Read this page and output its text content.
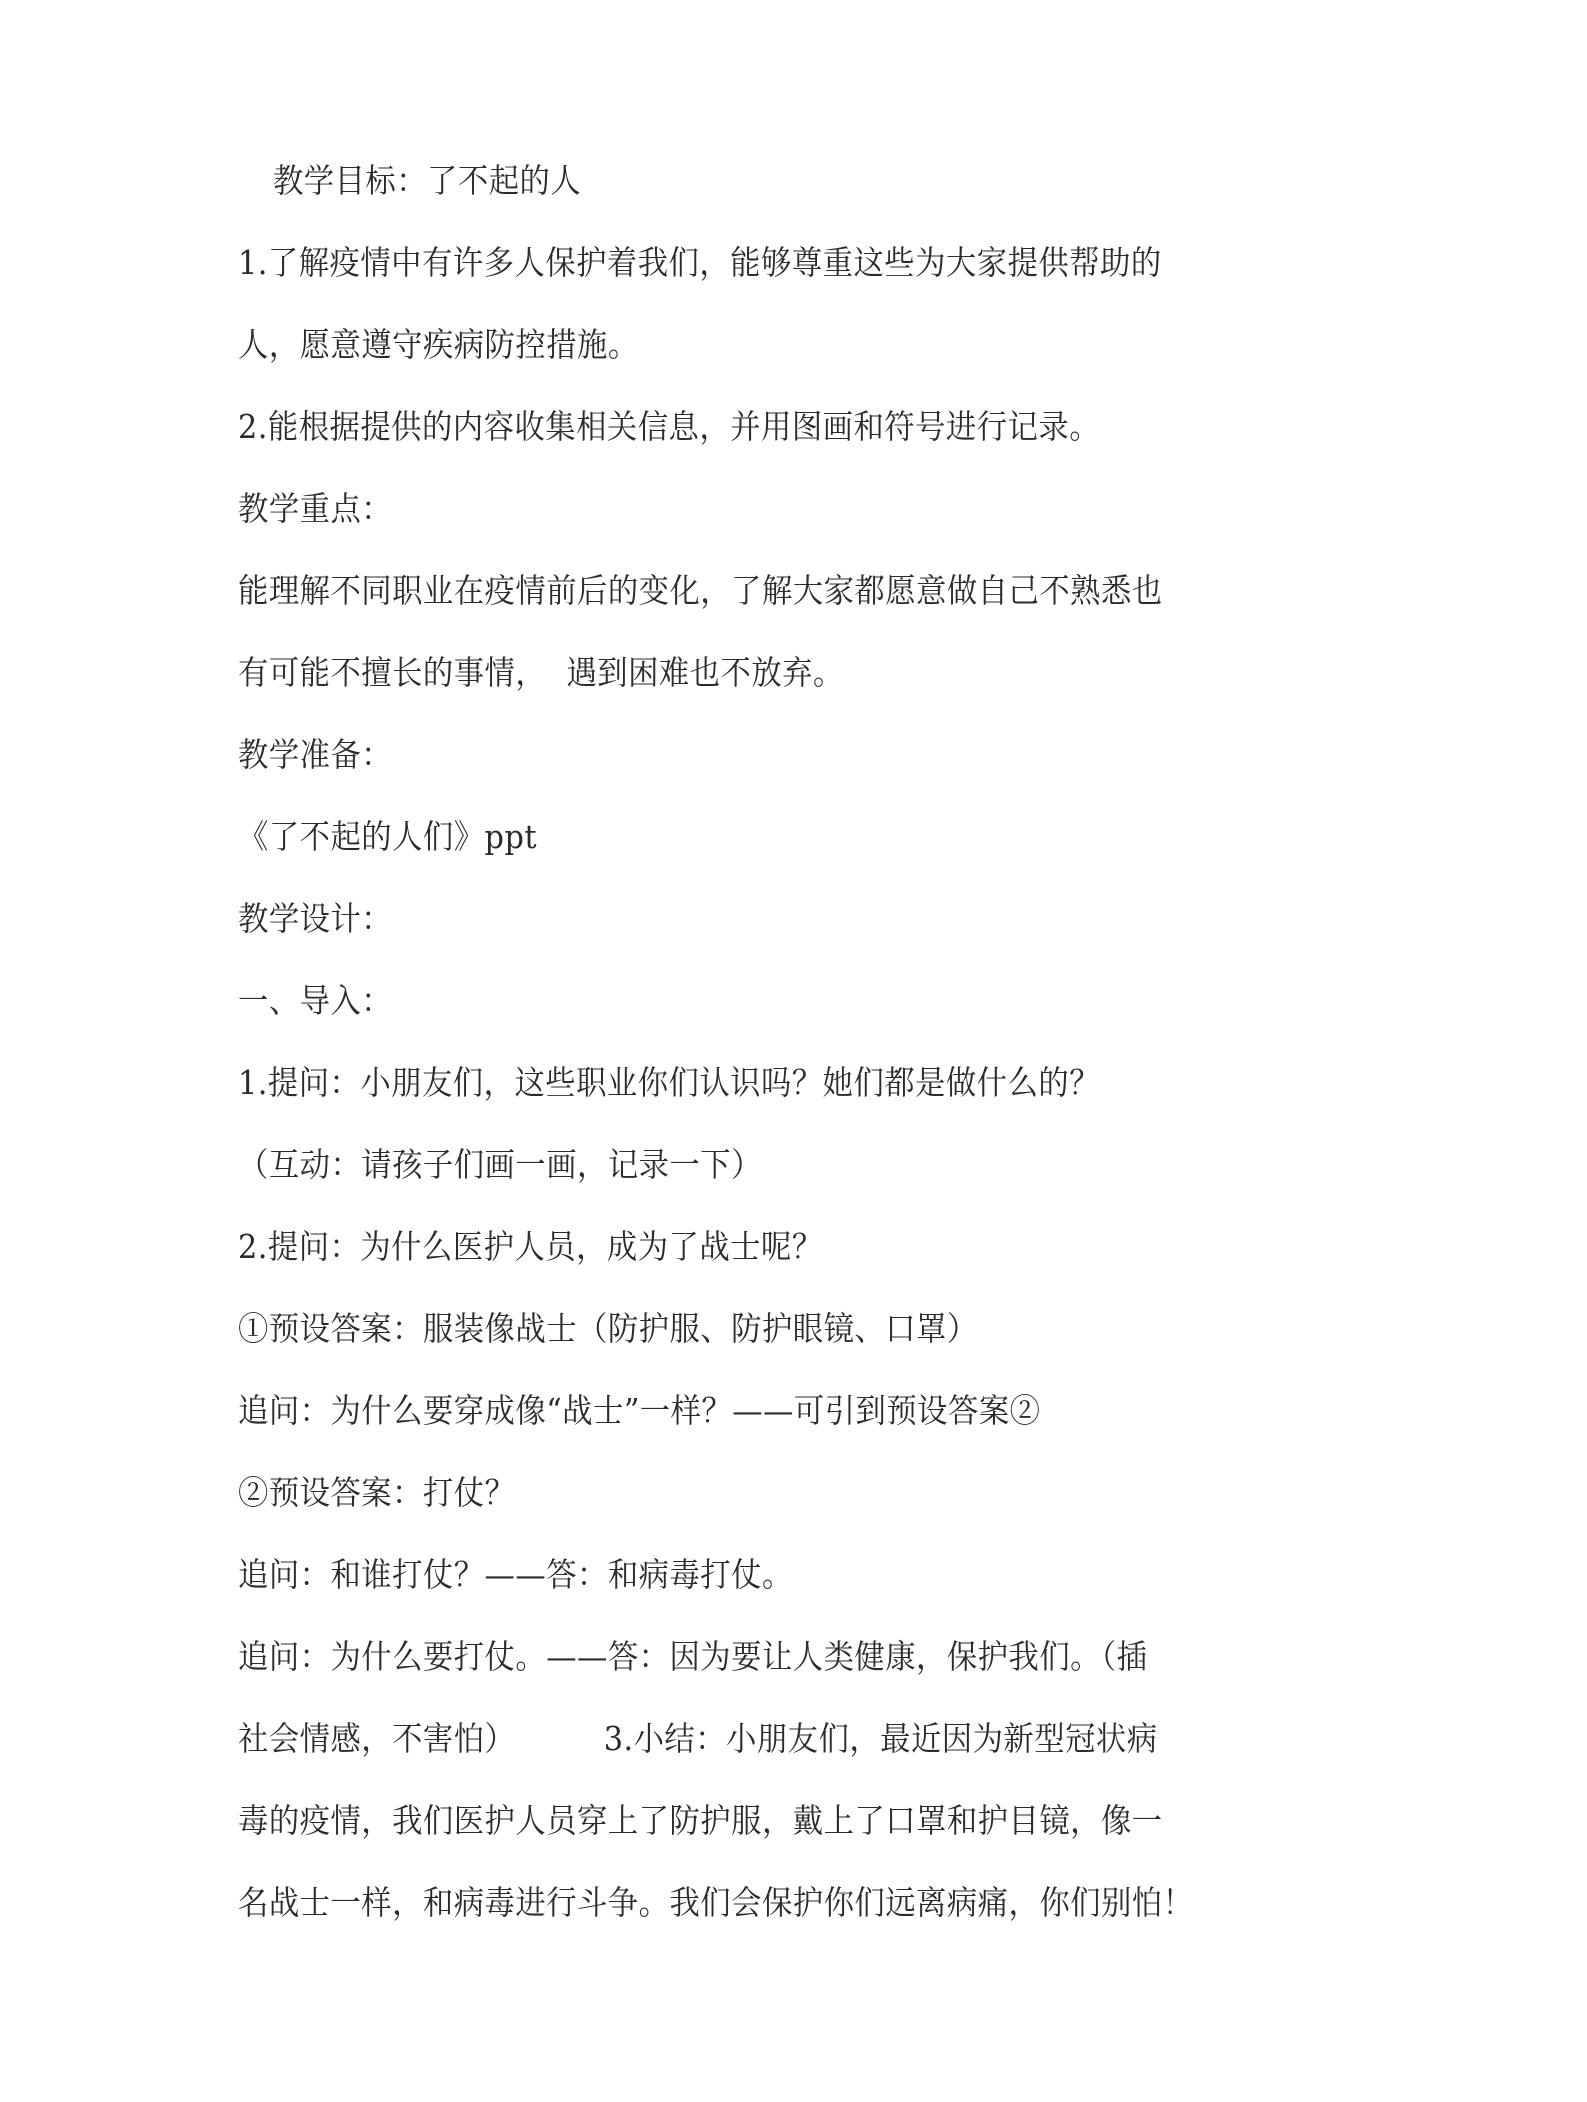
教学目标：了不起的人
1.了解疫情中有许多人保护着我们，能够尊重这些为大家提供帮助的
人，愿意遵守疾病防控措施。
2.能根据提供的内容收集相关信息，并用图画和符号进行记录。
教学重点：
能理解不同职业在疫情前后的变化，了解大家都愿意做自己不熟悉也
有可能不擅长的事情， 遇到困难也不放弃。
教学准备：
《了不起的人们》ppt
教学设计：
一、导入：
1.提问：小朋友们，这些职业你们认识吗？她们都是做什么的？
（互动：请孩子们画一画，记录一下）
2.提问：为什么医护人员，成为了战士呢？
①预设答案：服装像战士（防护服、防护眼镜、口罩）
追问：为什么要穿成像“战士”一样？——可引到预设答案②
②预设答案：打仗？
追问：和谁打仗？——答：和病毒打仗。
追问：为什么要打仗。——答：因为要让人类健康，保护我们。（插
社会情感，不害怕）	3.小结：小朋友们，最近因为新型冠状病
毒的疫情，我们医护人员穿上了防护服，戴上了口罩和护目镜，像一
名战士一样，和病毒进行斗争。我们会保护你们远离病痛，你们别怕！
